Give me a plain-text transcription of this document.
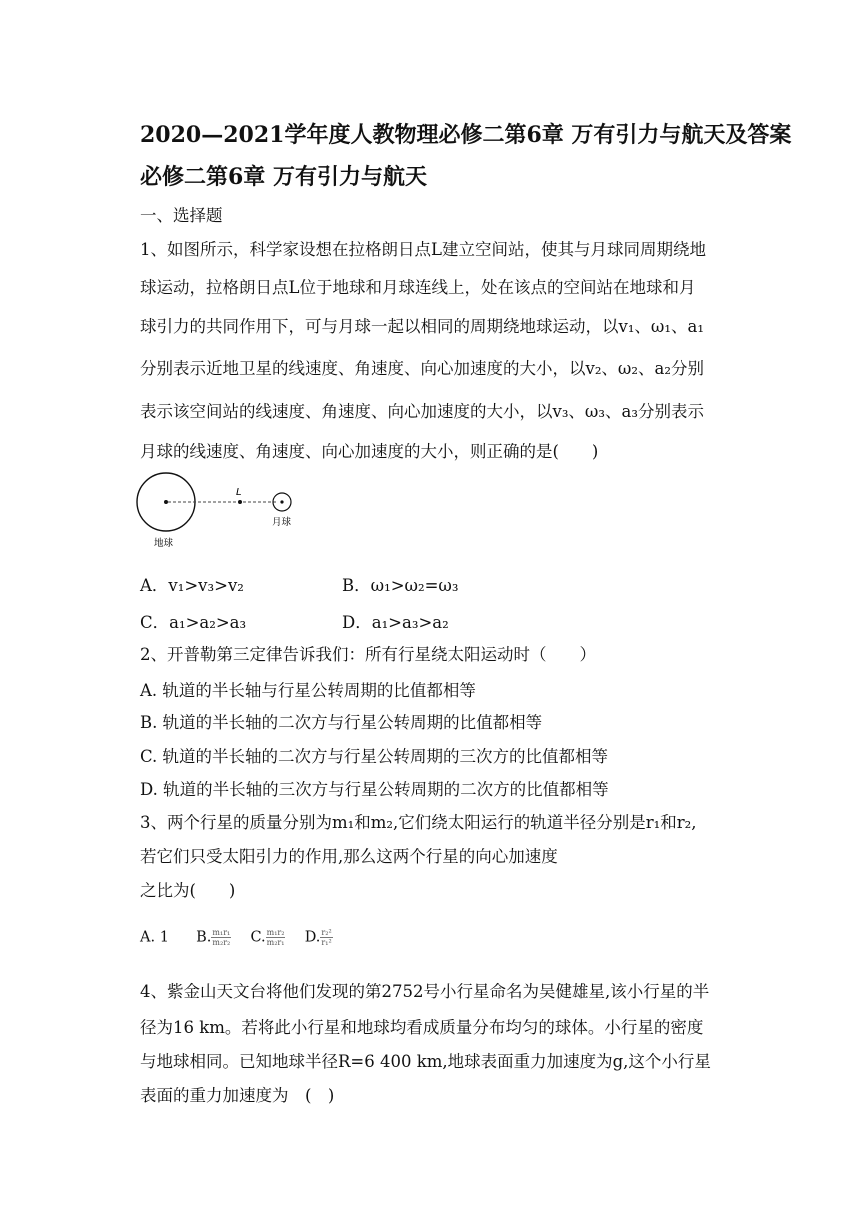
2020—2021学年度人教物理必修二第6章 万有引力与航天及答案
必修二第6章 万有引力与航天
一、选择题
1、如图所示，科学家设想在拉格朗日点L建立空间站，使其与月球同周期绕地
球运动，拉格朗日点L位于地球和月球连线上，处在该点的空间站在地球和月
球引力的共同作用下，可与月球一起以相同的周期绕地球运动，以v₁、ω₁、a₁
分别表示近地卫星的线速度、角速度、向心加速度的大小，以v₂、ω₂、a₂分别
表示该空间站的线速度、角速度、向心加速度的大小，以v₃、ω₃、a₃分别表示
月球的线速度、角速度、向心加速度的大小，则正确的是(　　)
L
月球
地球
A．v₁>v₃>v₂	B．ω₁>ω₂=ω₃
C．a₁>a₂>a₃	D．a₁>a₃>a₂
2、开普勒第三定律告诉我们：所有行星绕太阳运动时（　　）
A. 轨道的半长轴与行星公转周期的比值都相等
B. 轨道的半长轴的二次方与行星公转周期的比值都相等
C. 轨道的半长轴的二次方与行星公转周期的三次方的比值都相等
D. 轨道的半长轴的三次方与行星公转周期的二次方的比值都相等
3、两个行星的质量分别为m₁和m₂,它们绕太阳运行的轨道半径分别是r₁和r₂,
若它们只受太阳引力的作用,那么这两个行星的向心加速度
之比为(　　)
A. 1 B. $\frac{\text{m₁r₁}}{\text{m₂r₂}} C$. $\frac{\text{m₁r₂}}{\text{m₂r₁}} D$. $\frac{\text{r₂²}}{\text{r₁²}}$
4、紫金山天文台将他们发现的第2752号小行星命名为吴健雄星,该小行星的半
径为16 km。若将此小行星和地球均看成质量分布均匀的球体。小行星的密度
与地球相同。已知地球半径R=6 400 km,地球表面重力加速度为g,这个小行星
表面的重力加速度为　(　)
